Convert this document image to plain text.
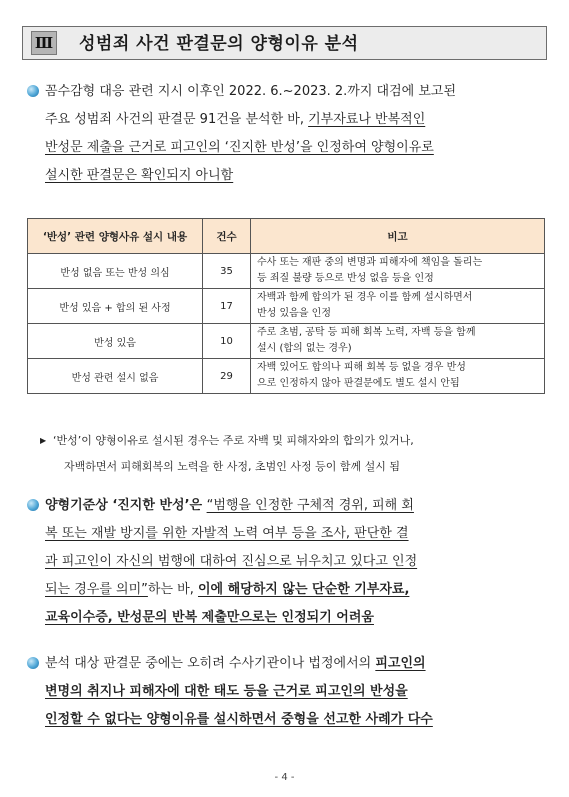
Ⅲ 성범죄 사건 판결문의 양형이유 분석
꼼수감형 대응 관련 지시 이후인 2022. 6.~2023. 2.까지 대검에 보고된
주요 성범죄 사건의 판결문 91건을 분석한 바, 기부자료나 반복적인
반성문 제출을 근거로 피고인의 ‘진지한 반성’을 인정하여 양형이유로
설시한 판결문은 확인되지 아니함
‘반성’ 관련 양형사유 설시 내용	건수	비고
반성 없음 또는 반성 의심	35	수사 또는 재판 중의 변명과 피해자에 책임을 돌리는
등 죄질 불량 등으로 반성 없음 등을 인정

반성 있음 + 합의 된 사정	17	자백과 함께 합의가 된 경우 이를 함께 설시하면서
반성 있음을 인정

반성 있음	10	주로 초범, 공탁 등 피해 회복 노력, 자백 등을 함께
설시 (합의 없는 경우)

반성 관련 설시 없음	29	자백 있어도 합의나 피해 회복 등 없을 경우 반성
으로 인정하지 않아 판결문에도 별도 설시 안됨
▶ ‘반성’이 양형이유로 설시된 경우는 주로 자백 및 피해자와의 합의가 있거나,
자백하면서 피해회복의 노력을 한 사정, 초범인 사정 등이 함께 설시 됨
양형기준상 ‘진지한 반성’은 “범행을 인정한 구체적 경위, 피해 회
복 또는 재발 방지를 위한 자발적 노력 여부 등을 조사, 판단한 결
과 피고인이 자신의 범행에 대하여 진심으로 뉘우치고 있다고 인정
되는 경우를 의미”하는 바, 이에 해당하지 않는 단순한 기부자료,
교육이수증, 반성문의 반복 제출만으로는 인정되기 어려움
분석 대상 판결문 중에는 오히려 수사기관이나 법정에서의 피고인의
변명의 취지나 피해자에 대한 태도 등을 근거로 피고인의 반성을
인정할 수 없다는 양형이유를 설시하면서 중형을 선고한 사례가 다수
- 4 -
